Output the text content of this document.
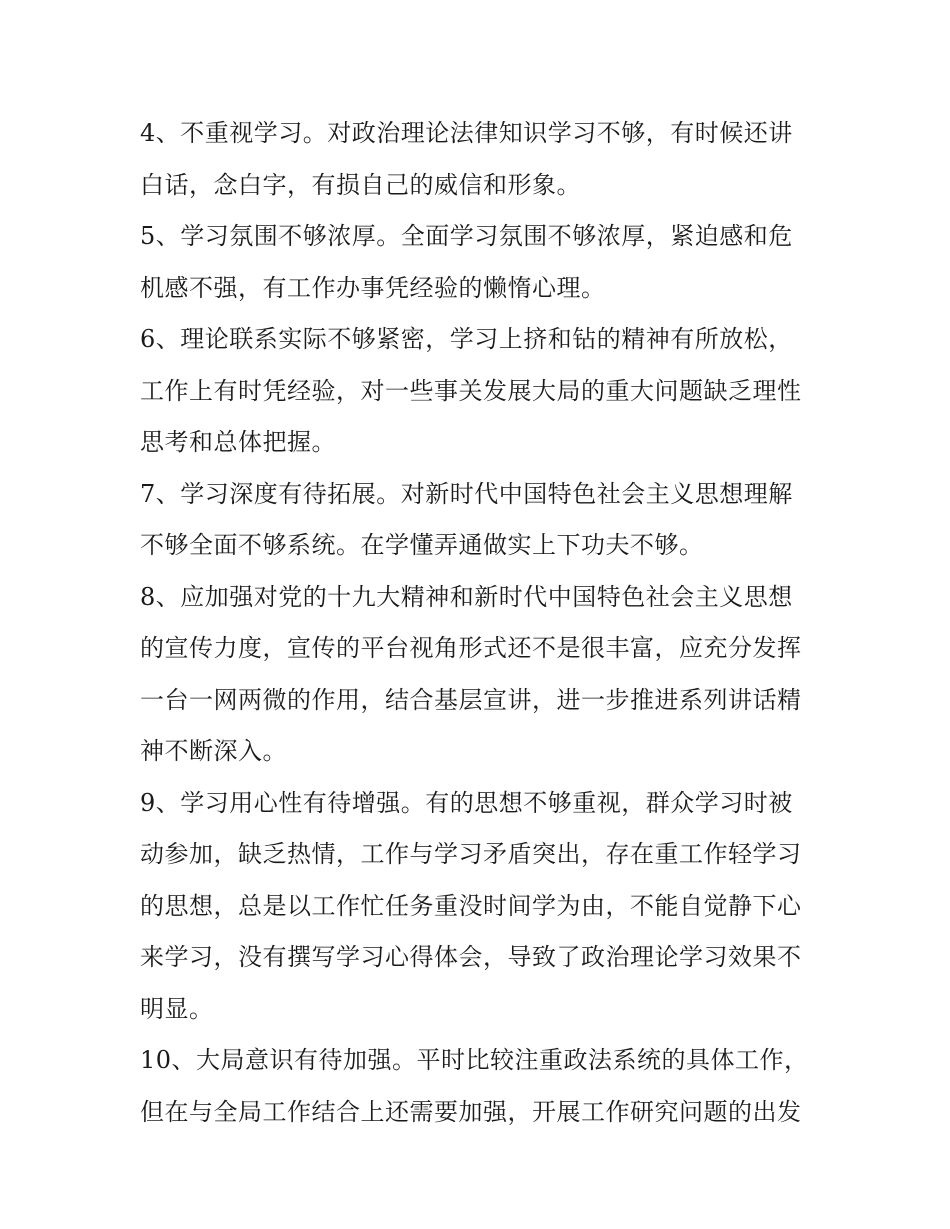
4、不重视学习。对政治理论法律知识学习不够，有时候还讲
白话，念白字，有损自己的威信和形象。

5、学习氛围不够浓厚。全面学习氛围不够浓厚，紧迫感和危
机感不强，有工作办事凭经验的懒惰心理。

6、理论联系实际不够紧密，学习上挤和钻的精神有所放松，
工作上有时凭经验，对一些事关发展大局的重大问题缺乏理性
思考和总体把握。

7、学习深度有待拓展。对新时代中国特色社会主义思想理解
不够全面不够系统。在学懂弄通做实上下功夫不够。

8、应加强对党的十九大精神和新时代中国特色社会主义思想
的宣传力度，宣传的平台视角形式还不是很丰富，应充分发挥
一台一网两微的作用，结合基层宣讲，进一步推进系列讲话精
神不断深入。

9、学习用心性有待增强。有的思想不够重视，群众学习时被
动参加，缺乏热情，工作与学习矛盾突出，存在重工作轻学习
的思想，总是以工作忙任务重没时间学为由，不能自觉静下心
来学习，没有撰写学习心得体会，导致了政治理论学习效果不
明显。

10、大局意识有待加强。平时比较注重政法系统的具体工作，
但在与全局工作结合上还需要加强，开展工作研究问题的出发
